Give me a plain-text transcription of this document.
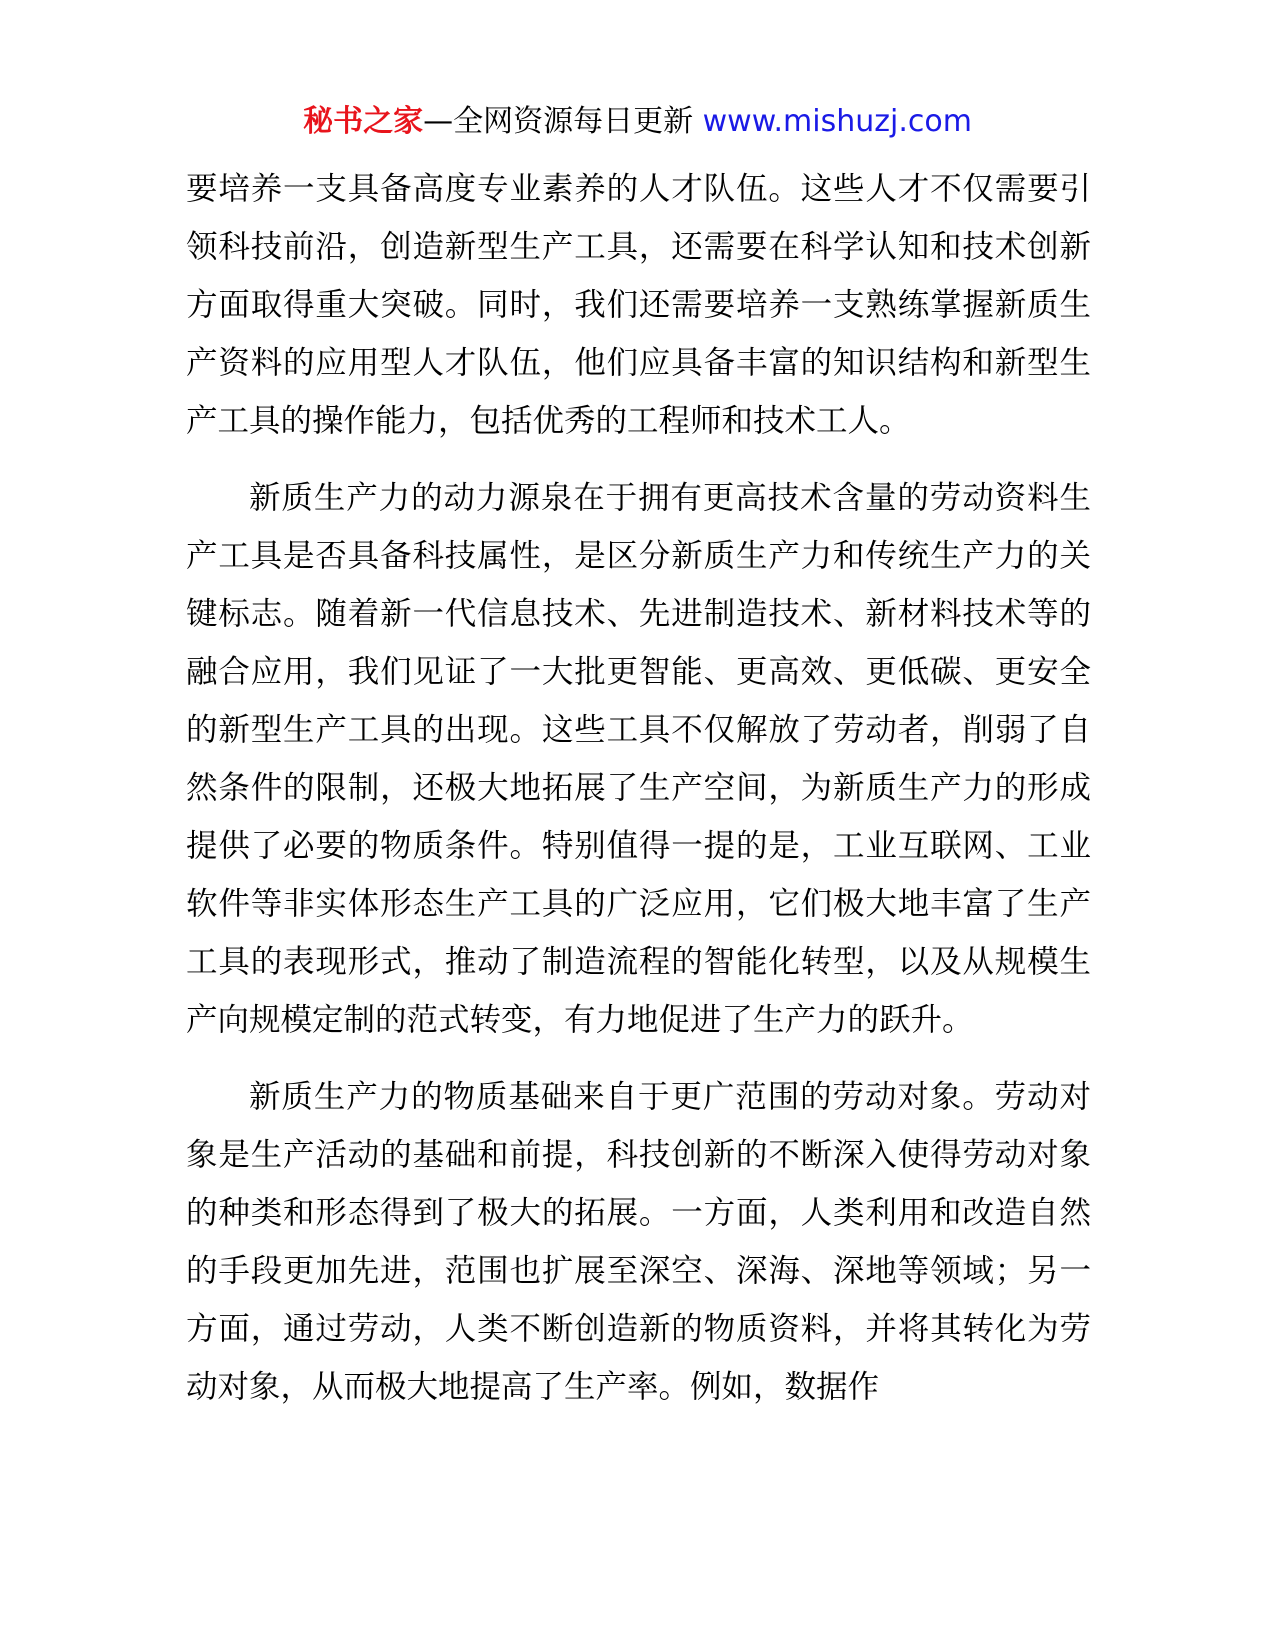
秘书之家—全网资源每日更新 www.mishuzj.com

要培养一支具备高度专业素养的人才队伍。这些人才不仅需要引领科技前沿，创造新型生产工具，还需要在科学认知和技术创新方面取得重大突破。同时，我们还需要培养一支熟练掌握新质生产资料的应用型人才队伍，他们应具备丰富的知识结构和新型生产工具的操作能力，包括优秀的工程师和技术工人。

新质生产力的动力源泉在于拥有更高技术含量的劳动资料生产工具是否具备科技属性，是区分新质生产力和传统生产力的关键标志。随着新一代信息技术、先进制造技术、新材料技术等的融合应用，我们见证了一大批更智能、更高效、更低碳、更安全的新型生产工具的出现。这些工具不仅解放了劳动者，削弱了自然条件的限制，还极大地拓展了生产空间，为新质生产力的形成提供了必要的物质条件。特别值得一提的是，工业互联网、工业软件等非实体形态生产工具的广泛应用，它们极大地丰富了生产工具的表现形式，推动了制造流程的智能化转型，以及从规模生产向规模定制的范式转变，有力地促进了生产力的跃升。

新质生产力的物质基础来自于更广范围的劳动对象。劳动对象是生产活动的基础和前提，科技创新的不断深入使得劳动对象的种类和形态得到了极大的拓展。一方面，人类利用和改造自然的手段更加先进，范围也扩展至深空、深海、深地等领域；另一方面，通过劳动，人类不断创造新的物质资料，并将其转化为劳动对象，从而极大地提高了生产率。例如，数据作
